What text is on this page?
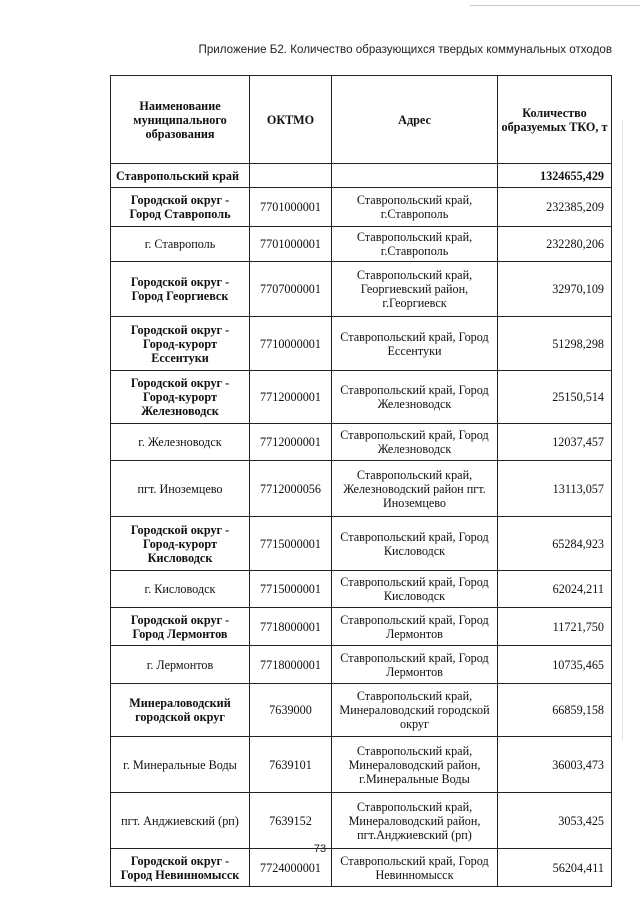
Приложение Б2. Количество образующихся твердых коммунальных отходов
Наименование муниципального образования	ОКТМО	Адрес	Количество образуемых ТКО, т
Ставропольский край			1324655,429
Городской округ - Город Ставрополь	7701000001	Ставропольский край, г.Ставрополь	232385,209
г. Ставрополь	7701000001	Ставропольский край, г.Ставрополь	232280,206
Городской округ - Город Георгиевск	7707000001	Ставропольский край, Георгиевский район, г.Георгиевск	32970,109
Городской округ - Город-курорт Ессентуки	7710000001	Ставропольский край, Город Ессентуки	51298,298
Городской округ - Город-курорт Железноводск	7712000001	Ставропольский край, Город Железноводск	25150,514
г. Железноводск	7712000001	Ставропольский край, Город Железноводск	12037,457
пгт. Иноземцево	7712000056	Ставропольский край, Железноводский район пгт. Иноземцево	13113,057
Городской округ - Город-курорт Кисловодск	7715000001	Ставропольский край, Город Кисловодск	65284,923
г. Кисловодск	7715000001	Ставропольский край, Город Кисловодск	62024,211
Городской округ - Город Лермонтов	7718000001	Ставропольский край, Город Лермонтов	11721,750
г. Лермонтов	7718000001	Ставропольский край, Город Лермонтов	10735,465
Минераловодский городской округ	7639000	Ставропольский край, Минераловодский городской округ	66859,158
г. Минеральные Воды	7639101	Ставропольский край, Минераловодский район, г.Минеральные Воды	36003,473
пгт. Анджиевский (рп)	7639152	Ставропольский край, Минераловодский район, пгт.Анджиевский (рп)	3053,425
Городской округ - Город Невинномысск	7724000001	Ставропольский край, Город Невинномысск	56204,411
73
